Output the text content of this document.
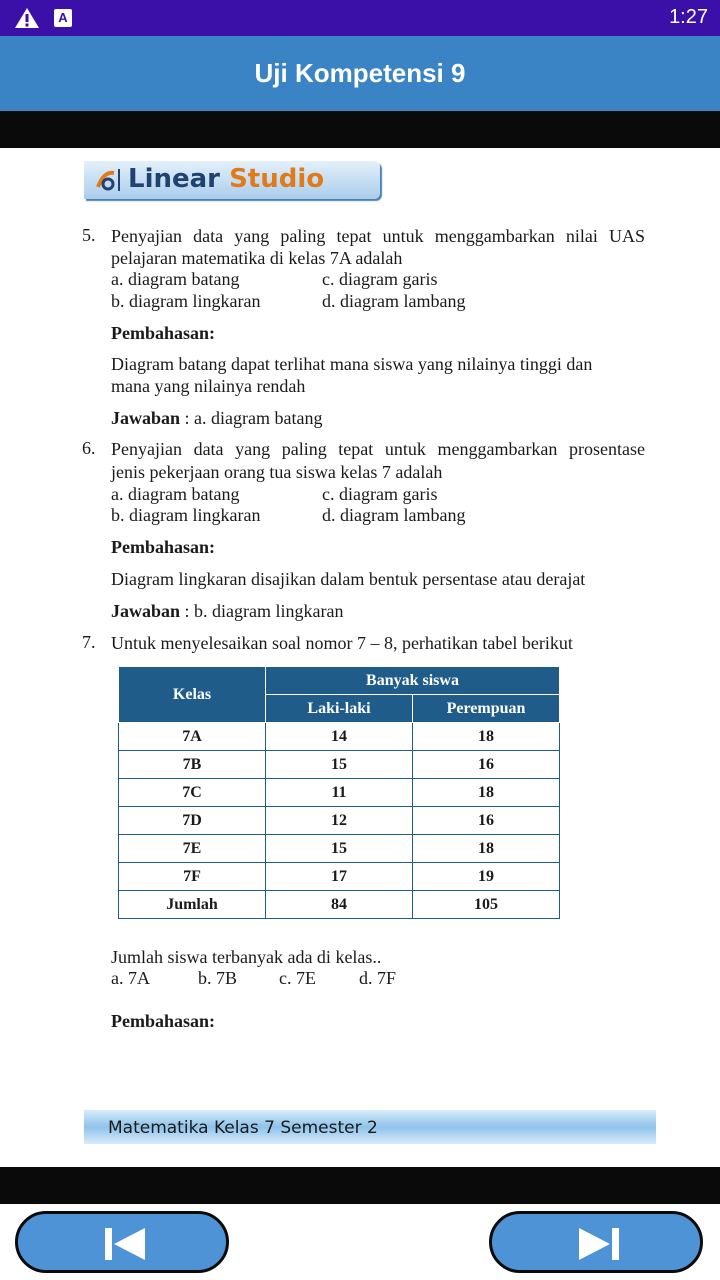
A	1:27
Uji Kompetensi 9
Linear Studio
5. Penyajian data yang paling tepat untuk menggambarkan nilai UAS
pelajaran matematika di kelas 7A adalah
a. diagram batang	c. diagram garis
b. diagram lingkaran	d. diagram lambang
Pembahasan:
Diagram batang dapat terlihat mana siswa yang nilainya tinggi dan
mana yang nilainya rendah
Jawaban : a. diagram batang
6. Penyajian data yang paling tepat untuk menggambarkan prosentase
jenis pekerjaan orang tua siswa kelas 7 adalah
a. diagram batang	c. diagram garis
b. diagram lingkaran	d. diagram lambang
Pembahasan:
Diagram lingkaran disajikan dalam bentuk persentase atau derajat
Jawaban : b. diagram lingkaran
7. Untuk menyelesaikan soal nomor 7 – 8, perhatikan tabel berikut
Kelas	Banyak siswa	
	Laki-laki	Perempuan
7A	14	18
7B	15	16
7C	11	18
7D	12	16
7E	15	18
7F	17	19
Jumlah	84	105
Jumlah siswa terbanyak ada di kelas..
a. 7A	b. 7B c. 7E d. 7F
Pembahasan:
Matematika Kelas 7 Semester 2
